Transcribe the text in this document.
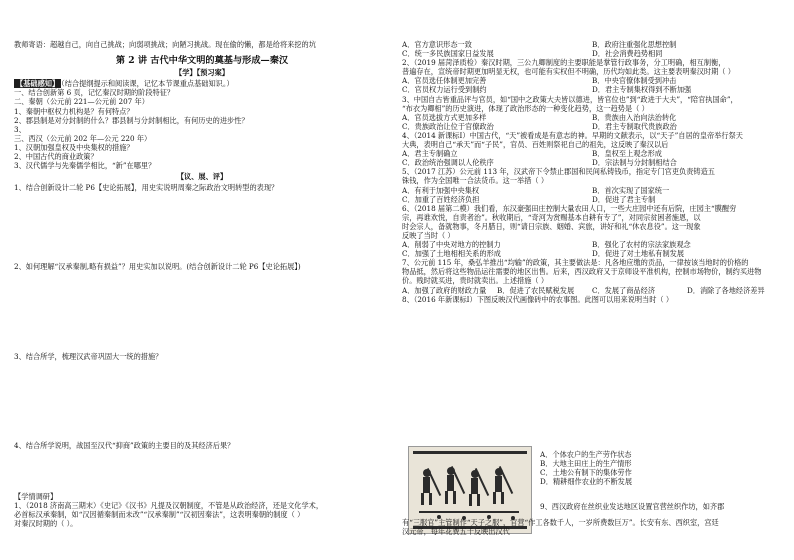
教师寄语：超越自己，向自己挑战；向弱项挑战；向陋习挑战。现在偷的懒，都是给将来挖的坑
第 2 讲 古代中华文明的奠基与形成—秦汉
【学】【预习案】
【基础感知】 （结合提纲提示和阅读课，记忆本节课重点基础知识。）
一、结合创新第 6 页，记忆秦汉时期的阶段特征？
二、秦朝（公元前 221—公元前 207 年）
1、秦朝中枢权力机构是？有何特点？
2、郡县制是对分封制的什么？郡县制与分封制相比，有何历史的进步性？
3、
三、西汉（公元前 202 年—公元 220 年）
1、汉朝加强皇权及中央集权的措施？
2、中国古代的商业政策？
3、汉代儒学与先秦儒学相比，“新”在哪里？
【议、展、评】
1、结合创新设计二轮 P6【史论拓展】，用史实说明周秦之际政治文明转型的表现？
2、如何理解“汉承秦制,略有损益”？用史实加以说明。(结合创新设计二轮 P6【史论拓展】)
3、结合所学，梳理汉武帝巩固大一统的措施？
4、结合所学说明，战国至汉代“抑商”政策的主要目的及其经济后果？
【学情调研】
1、（2018 济南高三期末）《史记》《汉书》凡提及汉朝制度，不管是从政治经济，还是文化学术，
必首标汉承秦制，如“汉因循秦制而未改”“汉承秦制”“汉初因秦法”，这表明秦朝的制度（ ）
对秦汉时期的（ ）。
A．官方意识形态一致	B．政府注重强化思想控制
C．统一多民族国家日益发展	D．社会消费趋势相同
2、（2019 届菏泽质检）秦汉时期，三公九卿制度的主要职能是掌管行政事务，分工明确，相互制衡，
普遍存在，宣统帝时期更加明显无权，也可能有实权但不明确，历代均如此类。这主要表明秦汉时期（ ）
A．官员选任体制更加完善	B．中央官僚体制受到冲击
C．官员权力运行受到制约	D．君主专制集权得到不断加强
3、中国自古皆重品评与官员，如“国中之政策大夫皆以德进，皆官位也”到“政进于大夫”，“陪官执国命”，
“布衣为卿相”的历史演进，体现了政治形态的一种变化趋势，这一趋势是（ ）
A．官员选拔方式更加多样	B．贵族由入治向法治转化
C．贵族政治让位于官僚政治	D．君主专制取代贵族政治
4、（2014 新课标Ⅰ）中国古代，“天”被看成是有意志的神。早期的文献表示，以“天子”自居的皇帝举行祭天
大典，表明自己“承天”而“子民”，官员、百姓则祭祀自己的祖先，这反映了秦汉以后
A．君主专制确立	B．皇权至上观念形成
C．政治统治强调以人伦秩序	D．宗法制与分封制相结合
5、（2017 江苏）公元前 113 年，汉武帝下令禁止郡国和民间私铸钱币，指定专门官吏负责铸造五
铢钱，作为全国唯一合法货币。这一举措（ ）
A．有利于加强中央集权	B．首次实现了国家统一
C．加重了百姓经济负担	D．促进了君主专制
6、（2018 届第二模）我们看，东汉豪强田庄控制大量农田人口，一些大庄园中还有后院，庄园主“膜醒穷
宗，再谁欢悦，自责者治”。秋收期后，“奇河为赏赐基本自耕有专了”，对同宗贫困者施恩，以
时会宗人，备就物事，冬月腊日，则“请日宗族、姻婚、宾旅，讲好和礼“休农息役”。这一现象
反映了当时（ ）
A．削弱了中央对地方的控制力	B．强化了农村的宗法家族观念
C．加强了土地相相关系的形成	D．促进了对土地私有制发展
7、公元前 115 年，桑弘羊推出“均输”的政策，其主要做法是：凡各地应缴的贡品，一律按该当地时的价格的
物品抵，然后将这些物品运往需要的地区出售。后来，西汉政府又于京师设平准机构，控制市场物价，制约买进物
价。贱时就买进，贵时就卖出。上述措施（ ）
A．加强了政府的财政力量	B．促进了农民赋税发展	C．发展了商品经济	D．消除了各地经济差异
8、（2016 年新课标Ⅰ）下图反映汉代画像砖中的农事图。此图可以用来说明当时（ ）
A．个体农户的生产劳作状态
B．大地主田庄上的生产情形
C．土地公有制下的集体劳作
D．精耕细作农业的不断发展
9、西汉政府在丝织业发达地区设置官营丝织作坊，如齐郡
有“三服官”主管制作“天子之服”，官营“作工各数千人，一岁所费数巨万”。长安有东、西织室，宫廷
汉元帝，每年花费五千反映出汉代
